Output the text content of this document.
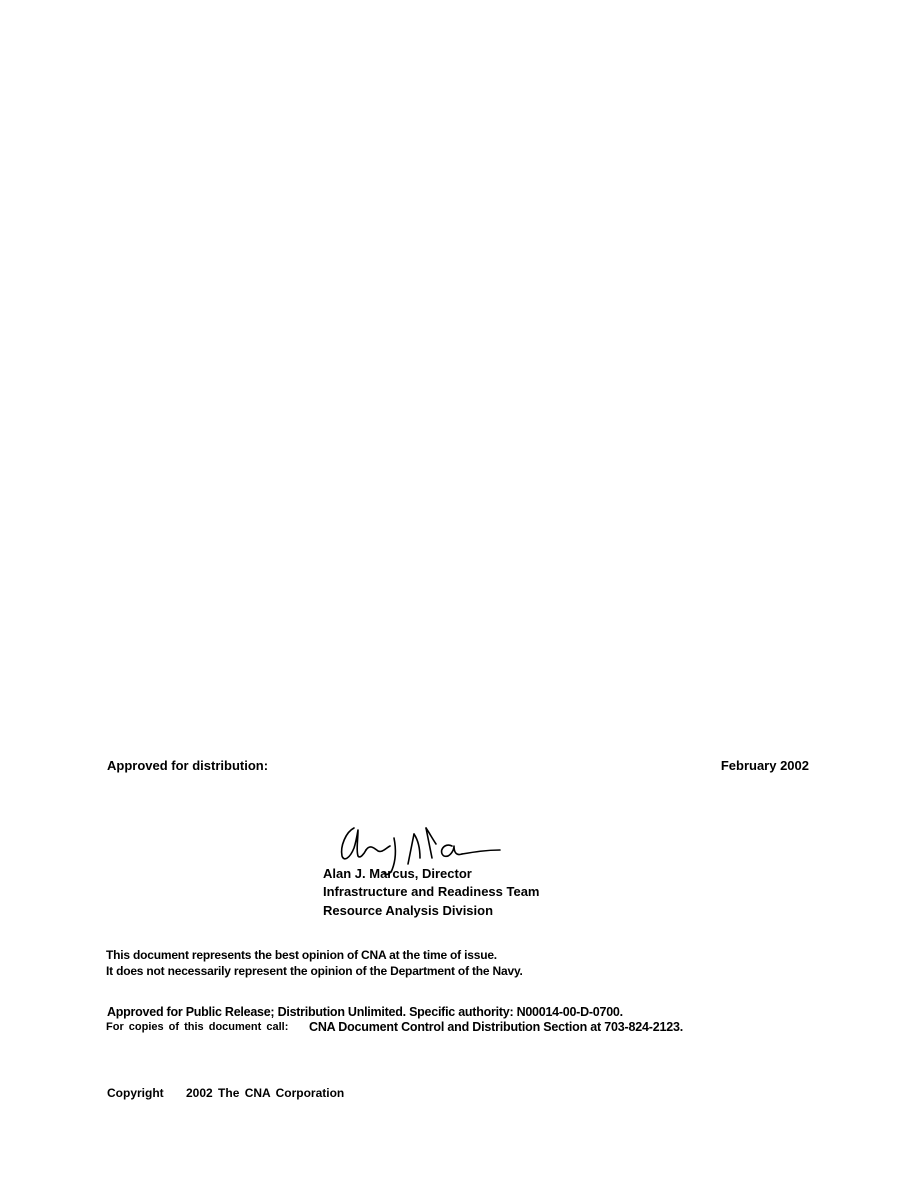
Approved for distribution:	February 2002
Alan J. Marcus, Director
Infrastructure and Readiness Team
Resource Analysis Division
This document represents the best opinion of CNA at the time of issue.
It does not necessarily represent the opinion of the Department of the Navy.
Approved for Public Release; Distribution Unlimited. Specific authority: N00014-00-D-0700.
For copies of this document call: CNA Document Control and Distribution Section at 703-824-2123.
Copyright 2002 The CNA Corporation
